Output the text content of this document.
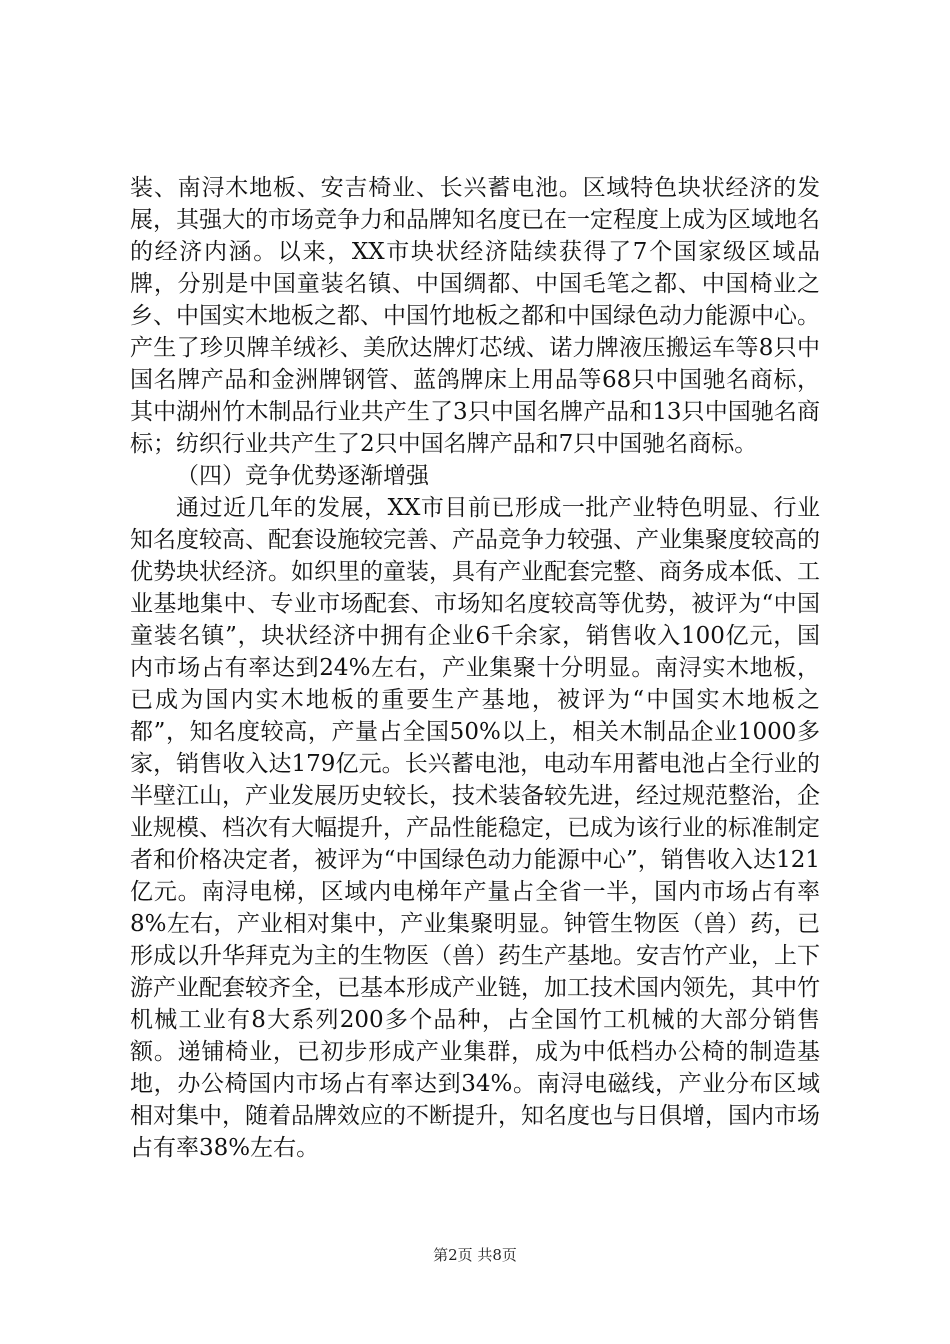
装、南浔木地板、安吉椅业、长兴蓄电池。区域特色块状经济的发展，其强大的市场竞争力和品牌知名度已在一定程度上成为区域地名的经济内涵。以来，XX市块状经济陆续获得了7个国家级区域品牌，分别是中国童装名镇、中国绸都、中国毛笔之都、中国椅业之乡、中国实木地板之都、中国竹地板之都和中国绿色动力能源中心。产生了珍贝牌羊绒衫、美欣达牌灯芯绒、诺力牌液压搬运车等8只中国名牌产品和金洲牌钢管、蓝鸽牌床上用品等68只中国驰名商标，其中湖州竹木制品行业共产生了3只中国名牌产品和13只中国驰名商标；纺织行业共产生了2只中国名牌产品和7只中国驰名商标。

（四）竞争优势逐渐增强

通过近几年的发展，XX市目前已形成一批产业特色明显、行业知名度较高、配套设施较完善、产品竞争力较强、产业集聚度较高的优势块状经济。如织里的童装，具有产业配套完整、商务成本低、工业基地集中、专业市场配套、市场知名度较高等优势，被评为“中国童装名镇”，块状经济中拥有企业6千余家，销售收入100亿元，国内市场占有率达到24%左右，产业集聚十分明显。南浔实木地板，已成为国内实木地板的重要生产基地，被评为“中国实木地板之都”，知名度较高，产量占全国50%以上，相关木制品企业1000多家，销售收入达179亿元。长兴蓄电池，电动车用蓄电池占全行业的半壁江山，产业发展历史较长，技术装备较先进，经过规范整治，企业规模、档次有大幅提升，产品性能稳定，已成为该行业的标准制定者和价格决定者，被评为“中国绿色动力能源中心”，销售收入达121亿元。南浔电梯，区域内电梯年产量占全省一半，国内市场占有率8%左右，产业相对集中，产业集聚明显。钟管生物医（兽）药，已形成以升华拜克为主的生物医（兽）药生产基地。安吉竹产业，上下游产业配套较齐全，已基本形成产业链，加工技术国内领先，其中竹机械工业有8大系列200多个品种，占全国竹工机械的大部分销售额。递铺椅业，已初步形成产业集群，成为中低档办公椅的制造基地，办公椅国内市场占有率达到34%。南浔电磁线，产业分布区域相对集中，随着品牌效应的不断提升，知名度也与日俱增，国内市场占有率38%左右。

第2页 共8页
